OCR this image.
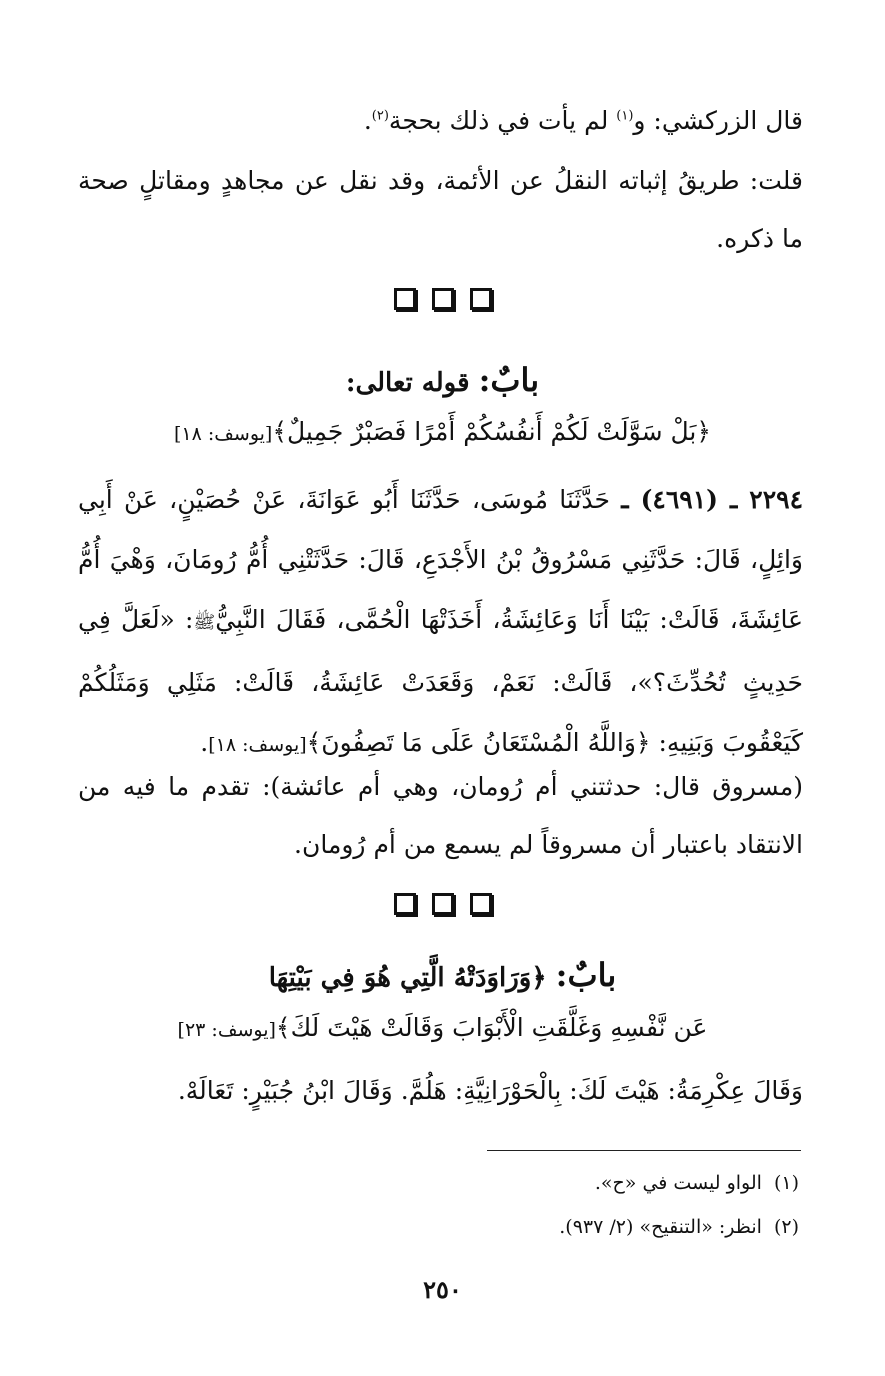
قال الزركشي: و$^{(١)}$ لم يأت في ذلك بحجة$^{(٢)}$.
قلت: طريقُ إثباته النقلُ عن الأئمة، وقد نقل عن مجاهدٍ ومقاتلٍ صحة ما ذكره.
بابٌ: قوله تعالى:
﴿بَلْ سَوَّلَتْ لَكُمْ أَنفُسُكُمْ أَمْرًا فَصَبْرٌ جَمِيلٌ﴾[يوسف: ١٨]
٢٢٩٤ ـ (٤٦٩١) ـ حَدَّثَنَا مُوسَى، حَدَّثَنَا أَبُو عَوَانَةَ، عَنْ حُصَيْنٍ، عَنْ أَبِي وَائِلٍ، قَالَ: حَدَّثَنِي مَسْرُوقُ بْنُ الأَجْدَعِ، قَالَ: حَدَّثَتْنِي أُمُّ رُومَانَ، وَهْيَ أُمُّ عَائِشَةَ، قَالَتْ: بَيْنَا أَنَا وَعَائِشَةُ، أَخَذَتْهَا الْحُمَّى، فَقَالَ النَّبِيُّﷺ: «لَعَلَّ فِي حَدِيثٍ تُحُدِّثَ؟»، قَالَتْ: نَعَمْ، وَقَعَدَتْ عَائِشَةُ، قَالَتْ: مَثَلِي وَمَثَلُكُمْ كَيَعْقُوبَ وَبَنِيهِ: ﴿وَاللَّهُ الْمُسْتَعَانُ عَلَى مَا تَصِفُونَ﴾[يوسف: ١٨].
(مسروق قال: حدثتني أم رُومان، وهي أم عائشة): تقدم ما فيه من الانتقاد باعتبار أن مسروقاً لم يسمع من أم رُومان.
بابٌ: ﴿وَرَاوَدَتْهُ الَّتِي هُوَ فِي بَيْتِهَا
عَن نَّفْسِهِ وَغَلَّقَتِ الْأَبْوَابَ وَقَالَتْ هَيْتَ لَكَ﴾[يوسف: ٢٣]
وَقَالَ عِكْرِمَةُ: هَيْتَ لَكَ: بِالْحَوْرَانِيَّةِ: هَلُمَّ. وَقَالَ ابْنُ جُبَيْرٍ: تَعَالَهْ.
(١)الواو ليست في «ح».
(٢)انظر: «التنقيح» (٢/ ٩٣٧).
٢٥٠
